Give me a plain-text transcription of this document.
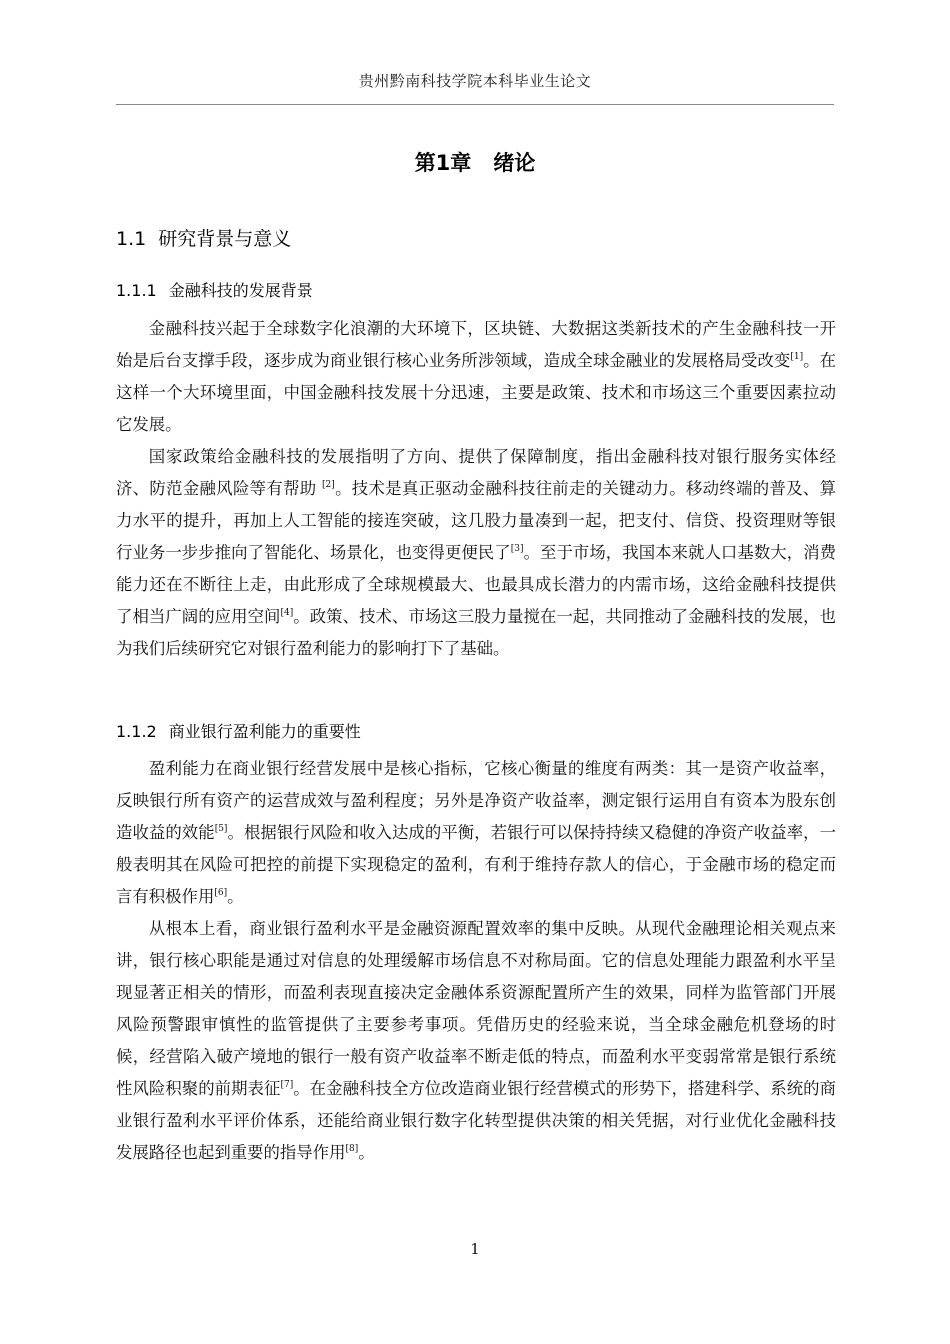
贵州黔南科技学院本科毕业生论文
第1章 绪论
1.1 研究背景与意义
1.1.1 金融科技的发展背景

金融科技兴起于全球数字化浪潮的大环境下，区块链、大数据这类新技术的产生金融科技一开始是后台支撑手段，逐步成为商业银行核心业务所涉领域，造成全球金融业的发展格局受改变[1]。在这样一个大环境里面，中国金融科技发展十分迅速，主要是政策、技术和市场这三个重要因素拉动它发展。

国家政策给金融科技的发展指明了方向、提供了保障制度，指出金融科技对银行服务实体经济、防范金融风险等有帮助 [2]。技术是真正驱动金融科技往前走的关键动力。移动终端的普及、算力水平的提升，再加上人工智能的接连突破，这几股力量凑到一起，把支付、信贷、投资理财等银行业务一步步推向了智能化、场景化，也变得更便民了[3]。至于市场，我国本来就人口基数大，消费能力还在不断往上走，由此形成了全球规模最大、也最具成长潜力的内需市场，这给金融科技提供了相当广阔的应用空间[4]。政策、技术、市场这三股力量搅在一起，共同推动了金融科技的发展，也为我们后续研究它对银行盈利能力的影响打下了基础。

1.1.2 商业银行盈利能力的重要性

盈利能力在商业银行经营发展中是核心指标，它核心衡量的维度有两类：其一是资产收益率，反映银行所有资产的运营成效与盈利程度；另外是净资产收益率，测定银行运用自有资本为股东创造收益的效能[5]。根据银行风险和收入达成的平衡，若银行可以保持持续又稳健的净资产收益率，一般表明其在风险可把控的前提下实现稳定的盈利，有利于维持存款人的信心，于金融市场的稳定而言有积极作用[6]。

从根本上看，商业银行盈利水平是金融资源配置效率的集中反映。从现代金融理论相关观点来讲，银行核心职能是通过对信息的处理缓解市场信息不对称局面。它的信息处理能力跟盈利水平呈现显著正相关的情形，而盈利表现直接决定金融体系资源配置所产生的效果，同样为监管部门开展风险预警跟审慎性的监管提供了主要参考事项。凭借历史的经验来说，当全球金融危机登场的时候，经营陷入破产境地的银行一般有资产收益率不断走低的特点，而盈利水平变弱常常是银行系统性风险积聚的前期表征[7]。在金融科技全方位改造商业银行经营模式的形势下，搭建科学、系统的商业银行盈利水平评价体系，还能给商业银行数字化转型提供决策的相关凭据，对行业优化金融科技发展路径也起到重要的指导作用[8]。

1
